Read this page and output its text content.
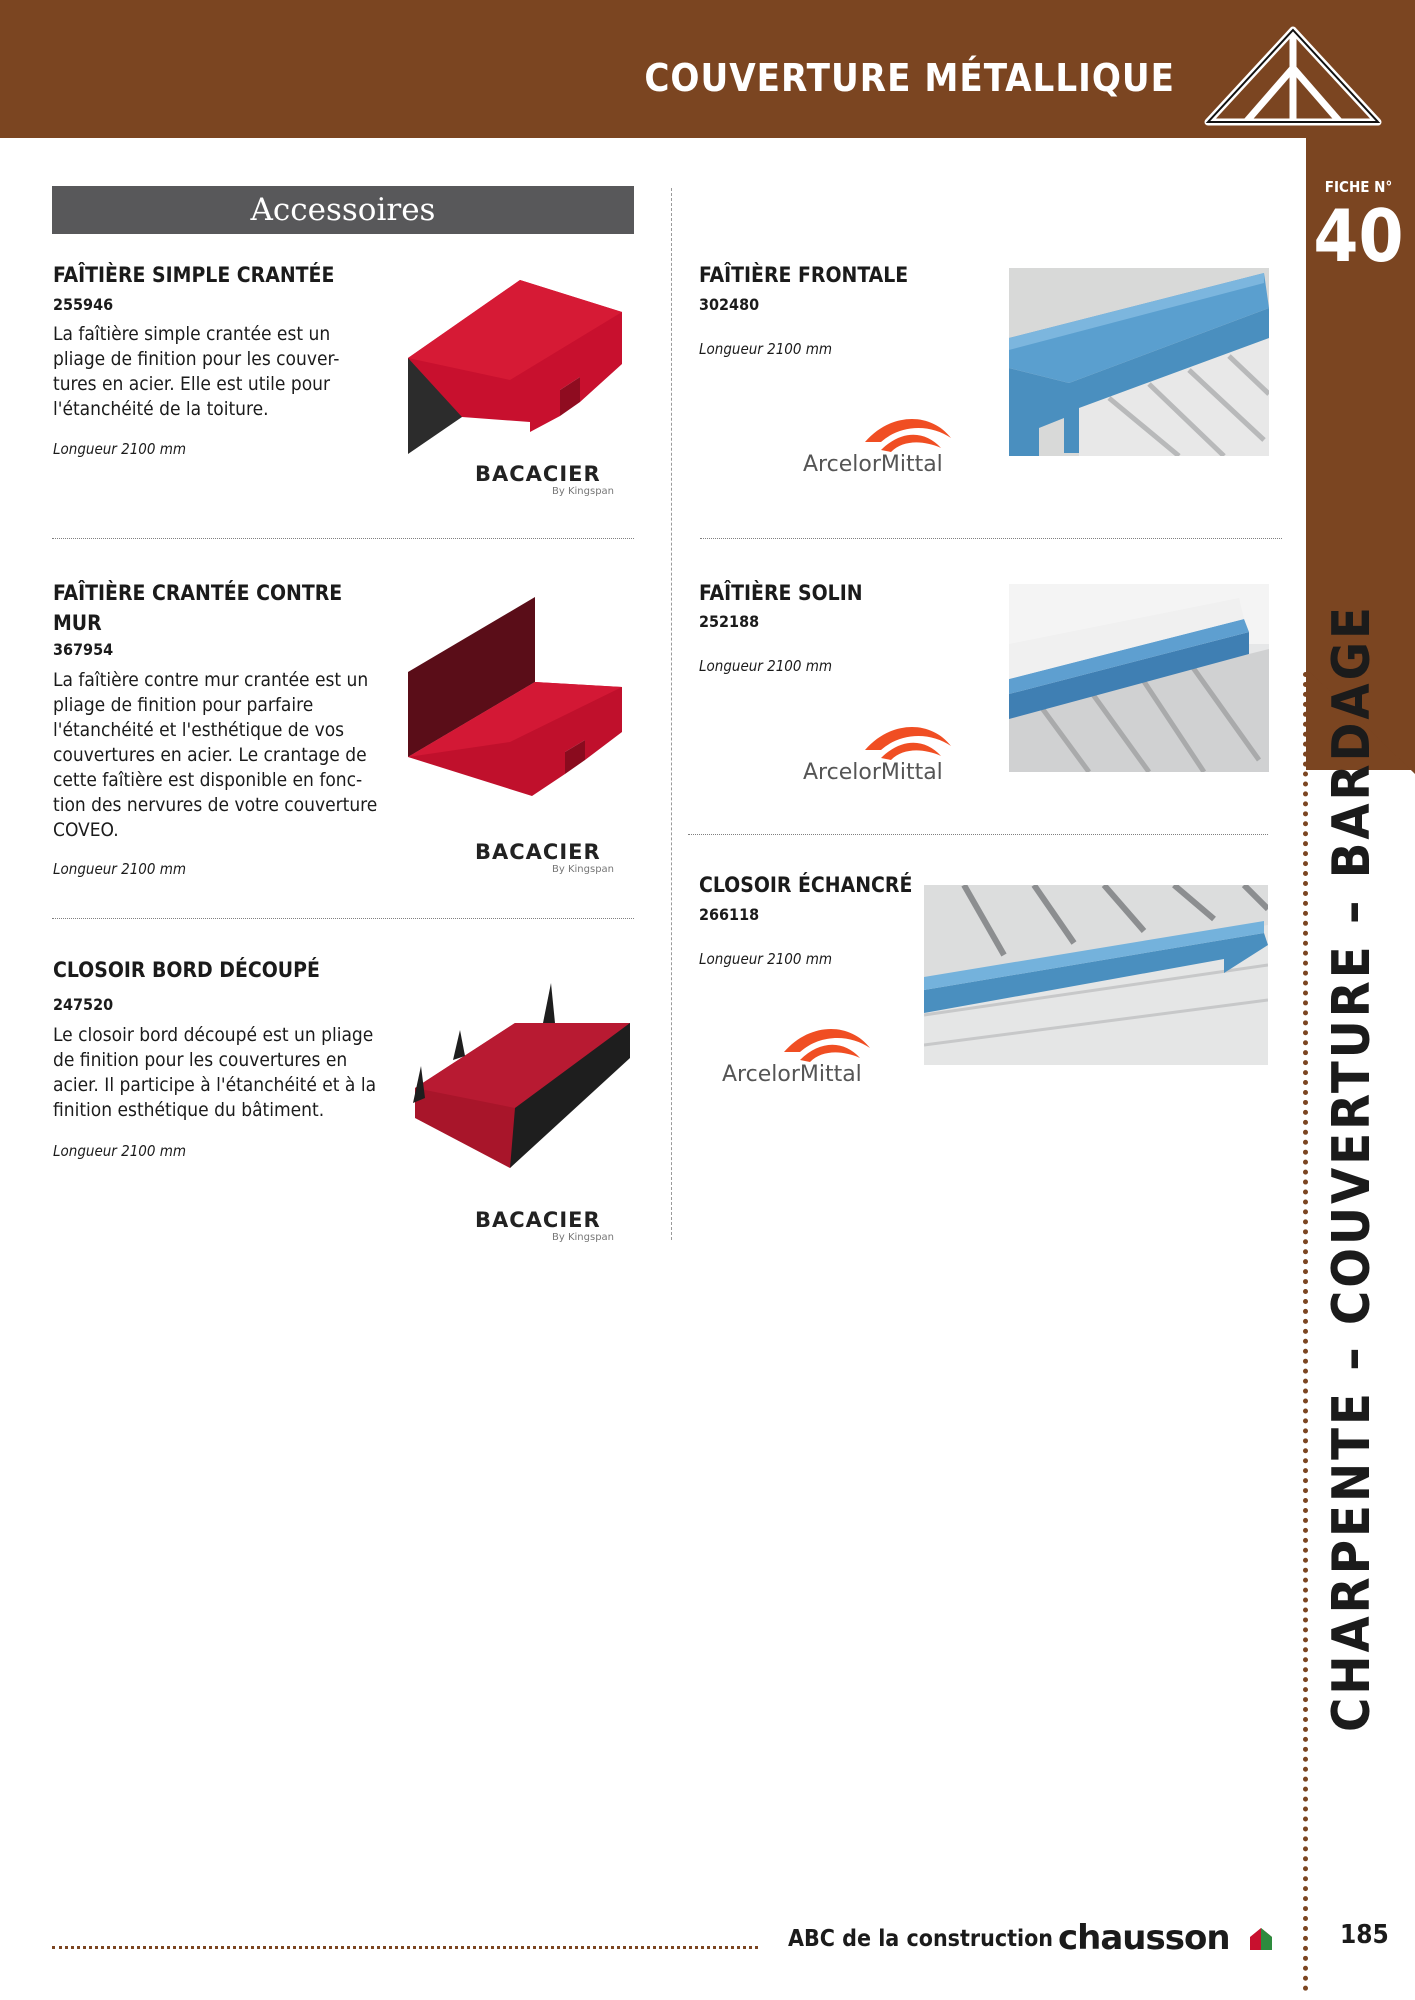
COUVERTURE MÉTALLIQUE
FICHE N°
40
CHARPENTE – COUVERTURE – BARDAGE
Accessoires
FAÎTIÈRE SIMPLE CRANTÉE
255946
La faîtière simple crantée est un pliage de finition pour les couver-tures en acier. Elle est utile pour l'étanchéité de la toiture.
Longueur 2100 mm
BACACIER
By Kingspan
FAÎTIÈRE CRANTÉE CONTRE MUR
367954
La faîtière contre mur crantée est un pliage de finition pour parfaire l'étanchéité et l'esthétique de vos couvertures en acier. Le crantage de cette faîtière est disponible en fonc-tion des nervures de votre couverture COVEO.
Longueur 2100 mm
BACACIER
By Kingspan
CLOSOIR BORD DÉCOUPÉ
247520
Le closoir bord découpé est un pliage de finition pour les couvertures en acier. Il participe à l'étanchéité et à la finition esthétique du bâtiment.
Longueur 2100 mm
BACACIER
By Kingspan
FAÎTIÈRE FRONTALE
302480
Longueur 2100 mm
ArcelorMittal
FAÎTIÈRE SOLIN
252188
Longueur 2100 mm
ArcelorMittal
CLOSOIR ÉCHANCRÉ
266118
Longueur 2100 mm
ArcelorMittal
ABC de la construction chausson	185
